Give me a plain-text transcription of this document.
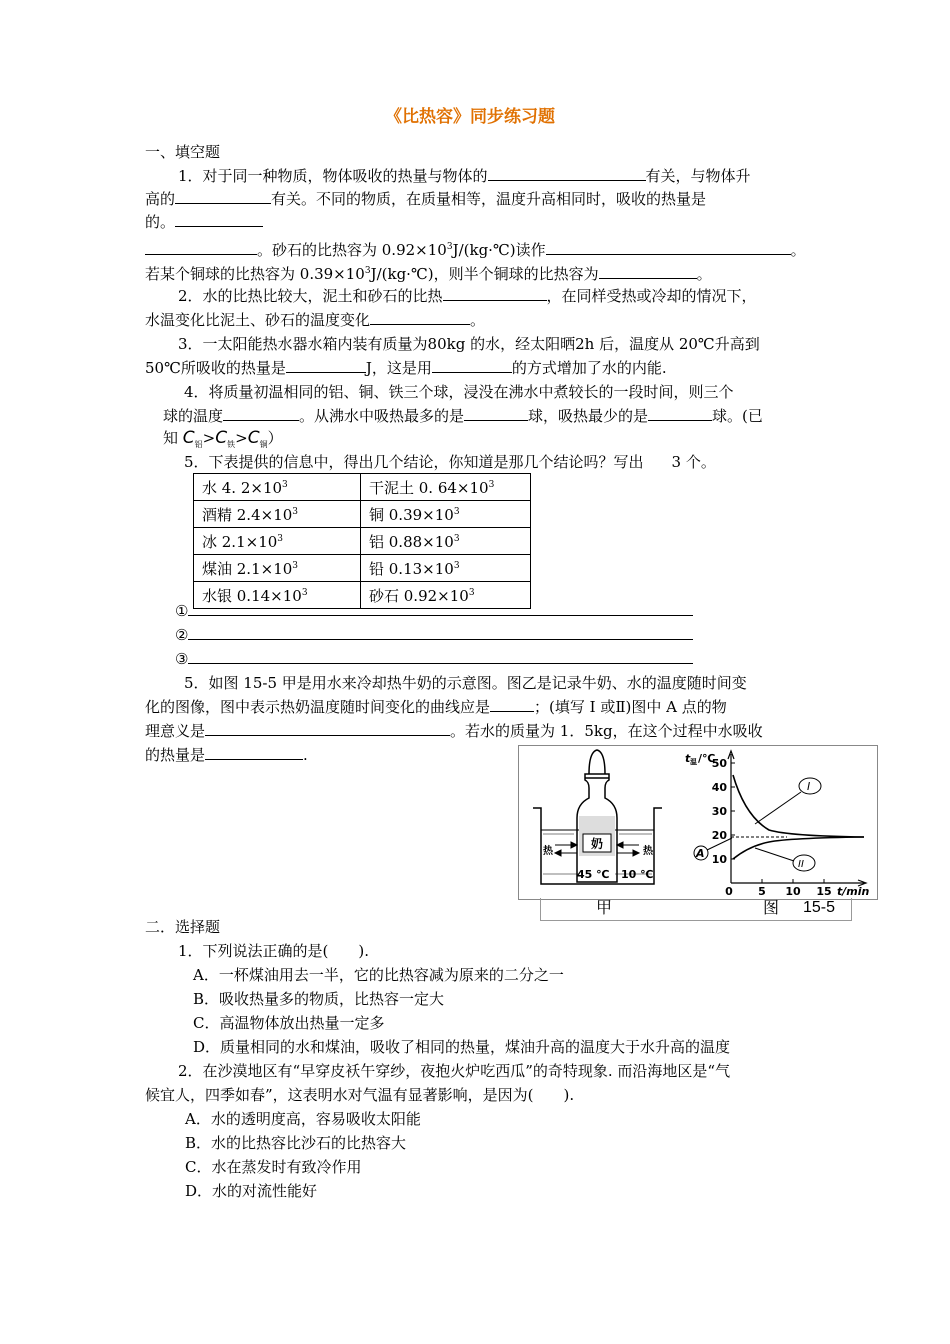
《比热容》同步练习题
一、填空题
1．对于同一种物质，物体吸收的热量与物体的	有关，与物体升
高的	有关。不同的物质，在质量相等，温度升高相同时，吸收的热量是
的。
。砂石的比热容为 $0.92\times 10^3J/(kg\cdot℃)$读作	。
若某个铜球的比热容为 $0.39\times 10^3J/(kg\cdot℃)$，则半个铜球的比热容为	。
2．水的比热比较大，泥土和砂石的比热	，在同样受热或冷却的情况下，
水温变化比泥土、砂石的温度变化	。
3．一太阳能热水器水箱内装有质量为80kg 的水，经太阳晒2h 后，温度从 20℃升高到
50℃所吸收的热量是	J，这是用	的方式增加了水的内能.
4．将质量初温相同的铝、铜、铁三个球，浸没在沸水中煮较长的一段时间，则三个
球的温度	。从沸水中吸热最多的是	球，吸热最少的是	球。(已
知 $C_铝>C_铁>C_铜$）
5．下表提供的信息中，得出几个结论，你知道是那几个结论吗？写出 3 个。
水 4. $2\times 10^3$	干泥土 0. $64\times 10^3$
酒精 $2.4\times 10^3$	铜 $0.39\times 10^3$
冰 $2.1\times 10^3$	铝 $0.88\times 10^3$
煤油 $2.1\times 10^3$	铅 $0.13\times 10^3$
水银 $0.14\times 10^3$	砂石 $0.92\times 10^3$
①
②
③
5．如图 15-5 甲是用水来冷却热牛奶的示意图。图乙是记录牛奶、水的温度随时间变
化的图像，图中表示热奶温度随时间变化的曲线应是	；(填写 I 或Ⅱ)图中 A 点的物
理意义是	。若水的质量为 1．5kg，在这个过程中水吸收
的热量是	.
奶
热	热
45 ℃ 10 ℃
I
II
A
t 温 /℃
50
40
30
20
10
0 5 10 15 t/min
甲	图 15-5
二．选择题
1．下列说法正确的是(　　).
A．一杯煤油用去一半，它的比热容减为原来的二分之一
B．吸收热量多的物质，比热容一定大
C．高温物体放出热量一定多
D．质量相同的水和煤油，吸收了相同的热量，煤油升高的温度大于水升高的温度
2．在沙漠地区有“早穿皮袄午穿纱，夜抱火炉吃西瓜”的奇特现象. 而沿海地区是“气
候宜人，四季如春”，这表明水对气温有显著影响，是因为(　　).
A．水的透明度高，容易吸收太阳能
B．水的比热容比沙石的比热容大
C．水在蒸发时有致冷作用
D．水的对流性能好
